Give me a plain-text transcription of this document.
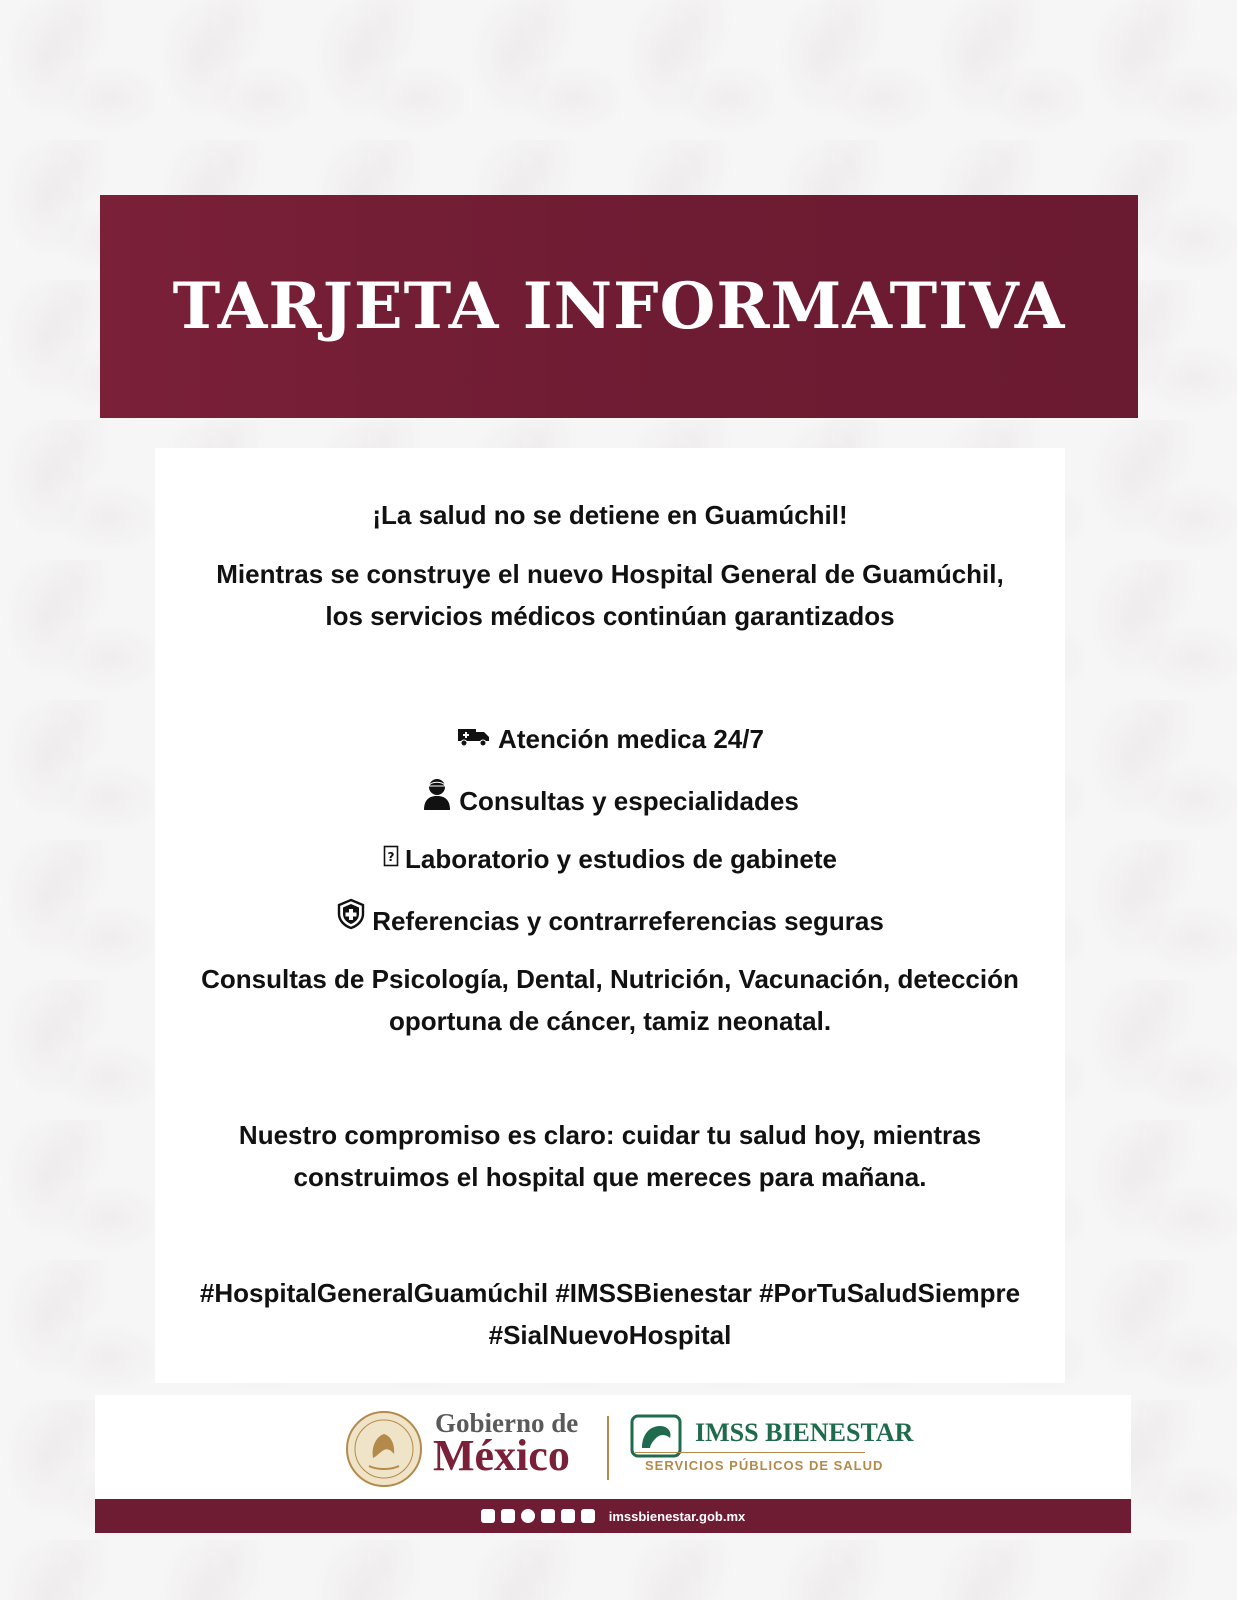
TARJETA INFORMATIVA
¡La salud no se detiene en Guamúchil!
Mientras se construye el nuevo Hospital General de Guamúchil,
los servicios médicos continúan garantizados
Atención medica 24/7
Consultas y especialidades
? Laboratorio y estudios de gabinete
Referencias y contrarreferencias seguras
Consultas de Psicología, Dental, Nutrición, Vacunación, detección
oportuna de cáncer, tamiz neonatal.
Nuestro compromiso es claro: cuidar tu salud hoy, mientras
construimos el hospital que mereces para mañana.
#HospitalGeneralGuamúchil #IMSSBienestar #PorTuSaludSiempre
#SialNuevoHospital
Gobierno de
México	IMSS BIENESTAR
SERVICIOS PÚBLICOS DE SALUD
imssbienestar.gob.mx
